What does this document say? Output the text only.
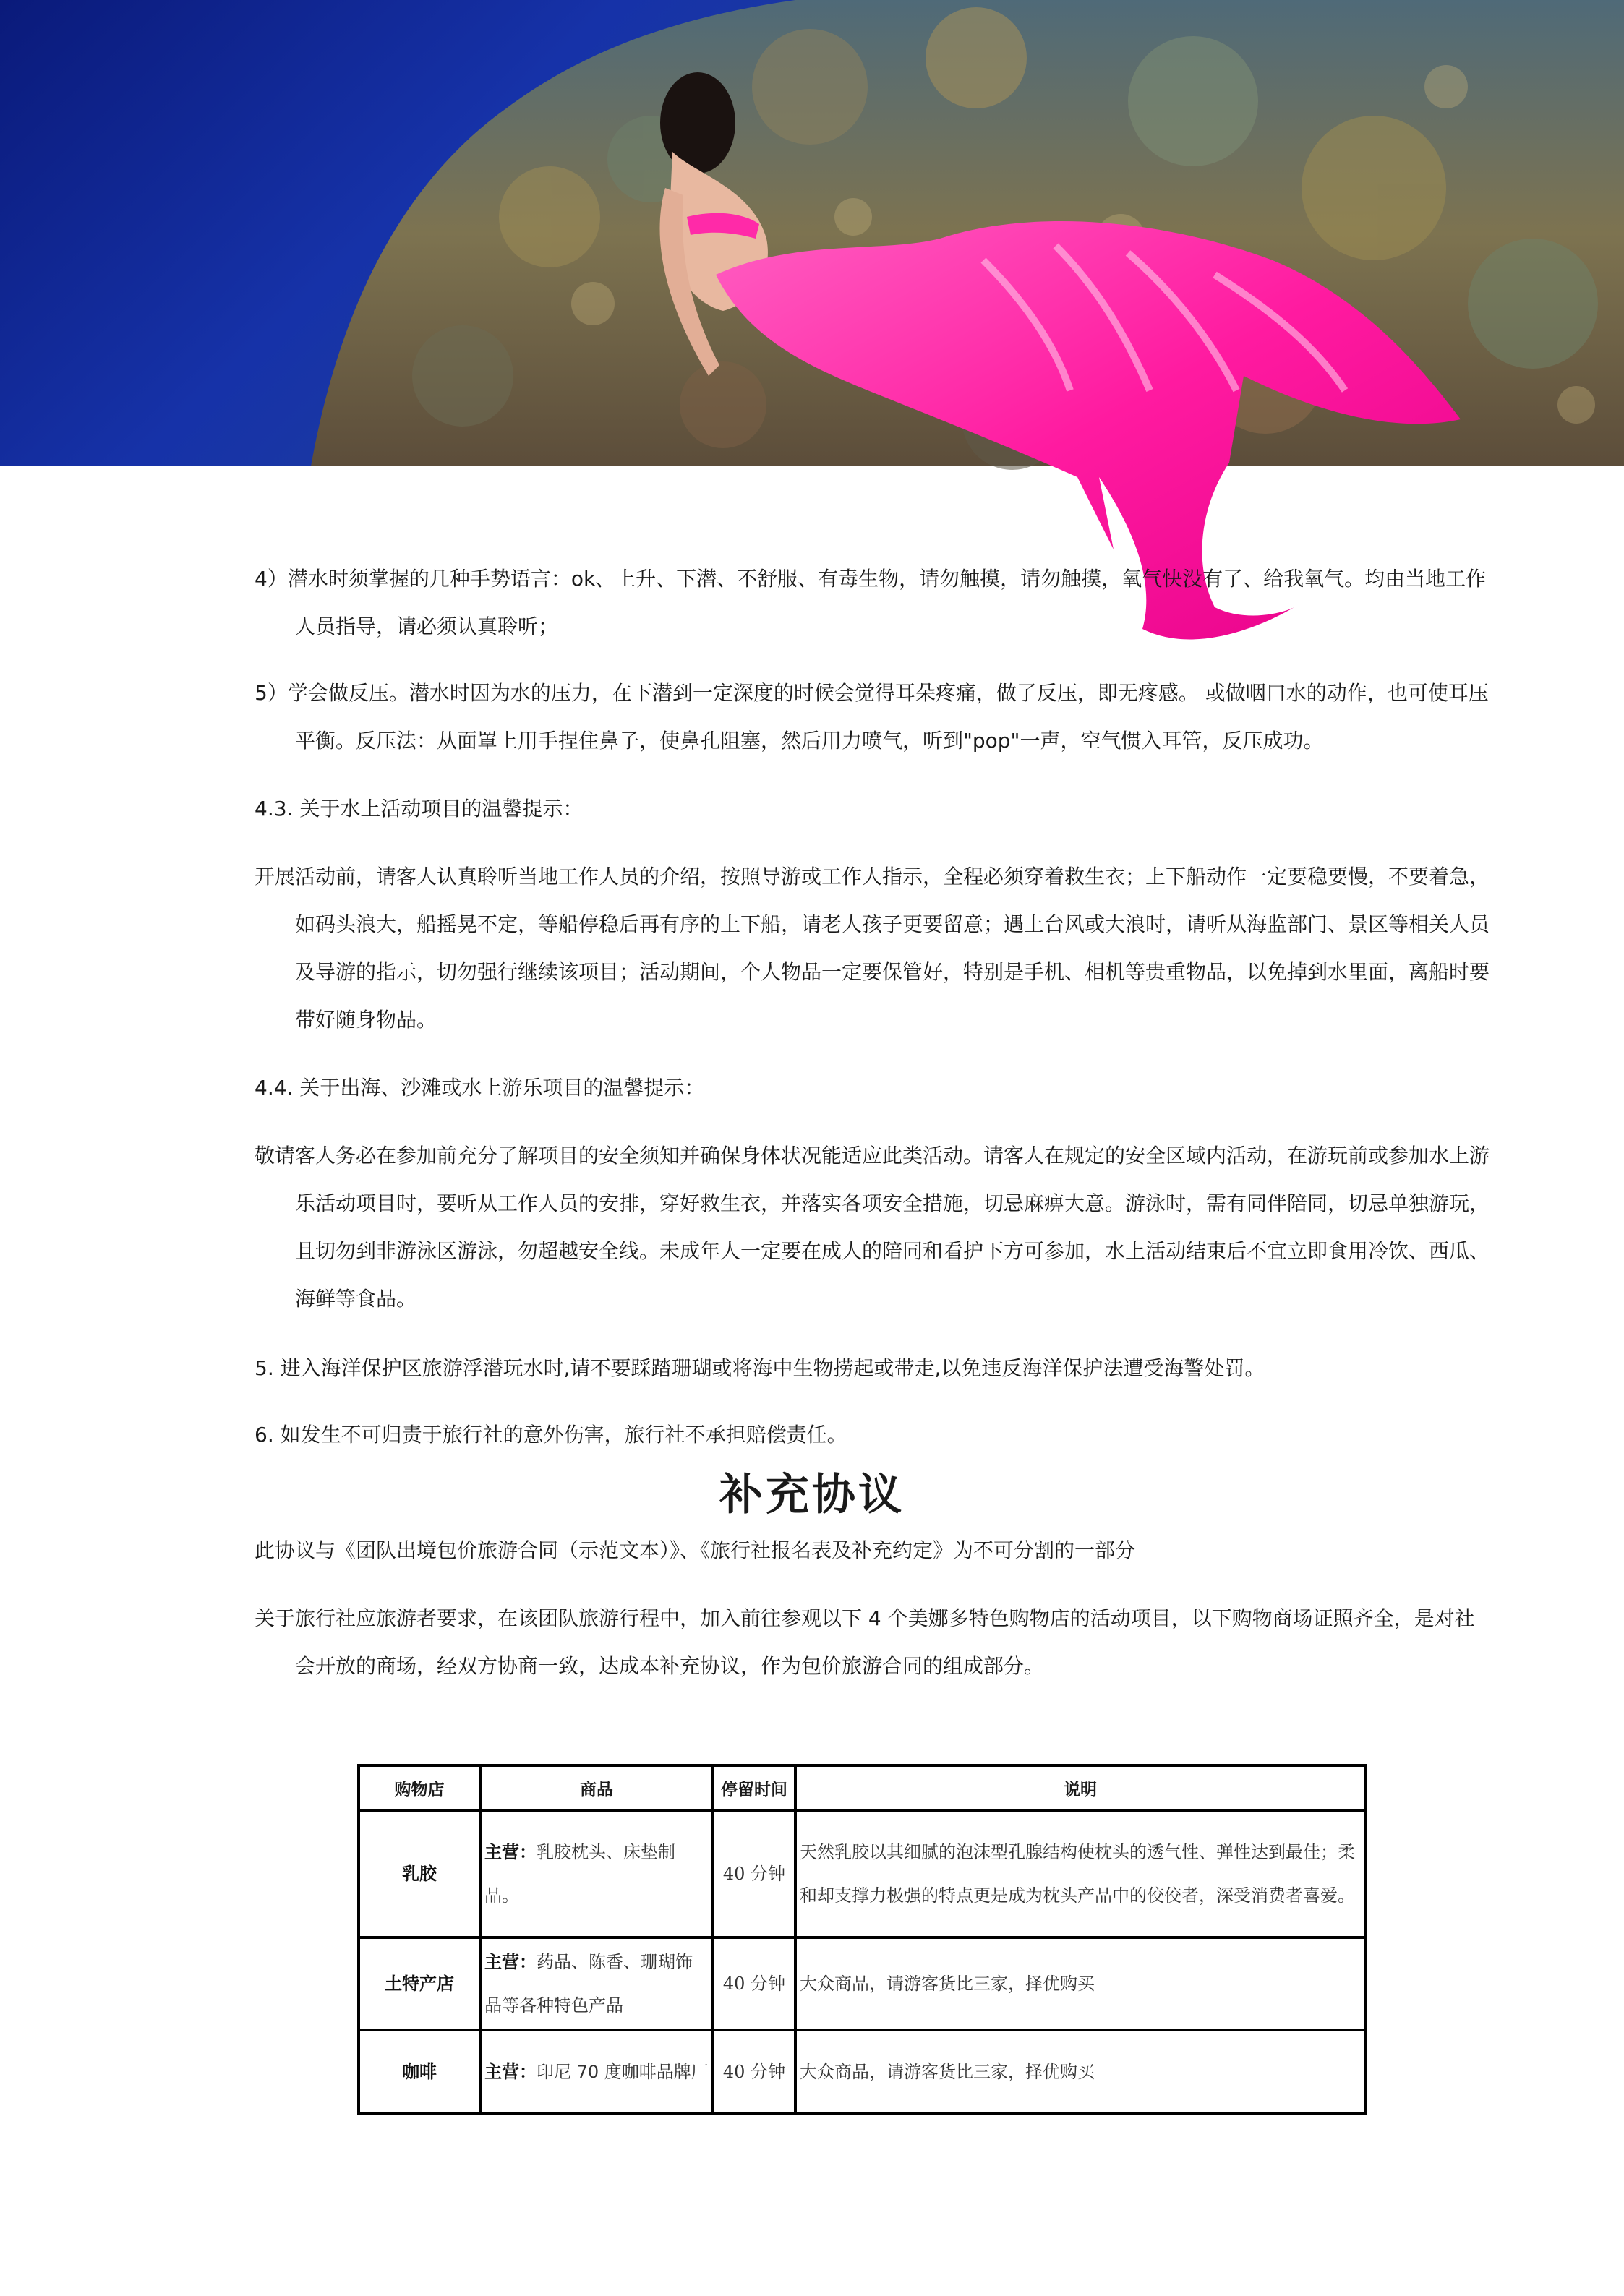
4）潜水时须掌握的几种手势语言：ok、上升、下潜、不舒服、有毒生物，请勿触摸，请勿触摸，氧气快没有了、给我氧气。均由当地工作人员指导，请必须认真聆听；

5）学会做反压。潜水时因为水的压力，在下潜到一定深度的时候会觉得耳朵疼痛，做了反压，即无疼感。 或做咽口水的动作，也可使耳压平衡。反压法：从面罩上用手捏住鼻子，使鼻孔阻塞，然后用力喷气，听到"pop"一声，空气惯入耳管，反压成功。

4.3. 关于水上活动项目的温馨提示：

开展活动前，请客人认真聆听当地工作人员的介绍，按照导游或工作人指示，全程必须穿着救生衣；上下船动作一定要稳要慢，不要着急，如码头浪大，船摇晃不定，等船停稳后再有序的上下船，请老人孩子更要留意；遇上台风或大浪时，请听从海监部门、景区等相关人员及导游的指示，切勿强行继续该项目；活动期间，个人物品一定要保管好，特别是手机、相机等贵重物品，以免掉到水里面，离船时要带好随身物品。

4.4. 关于出海、沙滩或水上游乐项目的温馨提示：

敬请客人务必在参加前充分了解项目的安全须知并确保身体状况能适应此类活动。请客人在规定的安全区域内活动，在游玩前或参加水上游乐活动项目时，要听从工作人员的安排，穿好救生衣，并落实各项安全措施，切忌麻痹大意。游泳时，需有同伴陪同，切忌单独游玩，且切勿到非游泳区游泳，勿超越安全线。未成年人一定要在成人的陪同和看护下方可参加，水上活动结束后不宜立即食用冷饮、西瓜、海鲜等食品。

5. 进入海洋保护区旅游浮潜玩水时,请不要踩踏珊瑚或将海中生物捞起或带走,以免违反海洋保护法遭受海警处罚。

6. 如发生不可归责于旅行社的意外伤害，旅行社不承担赔偿责任。

补充协议

此协议与《团队出境包价旅游合同（示范文本）》、《旅行社报名表及补充约定》为不可分割的一部分

关于旅行社应旅游者要求，在该团队旅游行程中，加入前往参观以下 4 个美娜多特色购物店的活动项目，以下购物商场证照齐全，是对社会开放的商场，经双方协商一致，达成本补充协议，作为包价旅游合同的组成部分。

购物店	商品	停留时间	说明
乳胶	主营：乳胶枕头、床垫制品。	40 分钟	天然乳胶以其细腻的泡沫型孔腺结构使枕头的透气性、弹性达到最佳；柔和却支撑力极强的特点更是成为枕头产品中的佼佼者，深受消费者喜爱。
土特产店	主营：药品、陈香、珊瑚饰品等各种特色产品	40 分钟	大众商品，请游客货比三家，择优购买
咖啡	主营：印尼 70 度咖啡品牌厂	40 分钟	大众商品，请游客货比三家，择优购买
